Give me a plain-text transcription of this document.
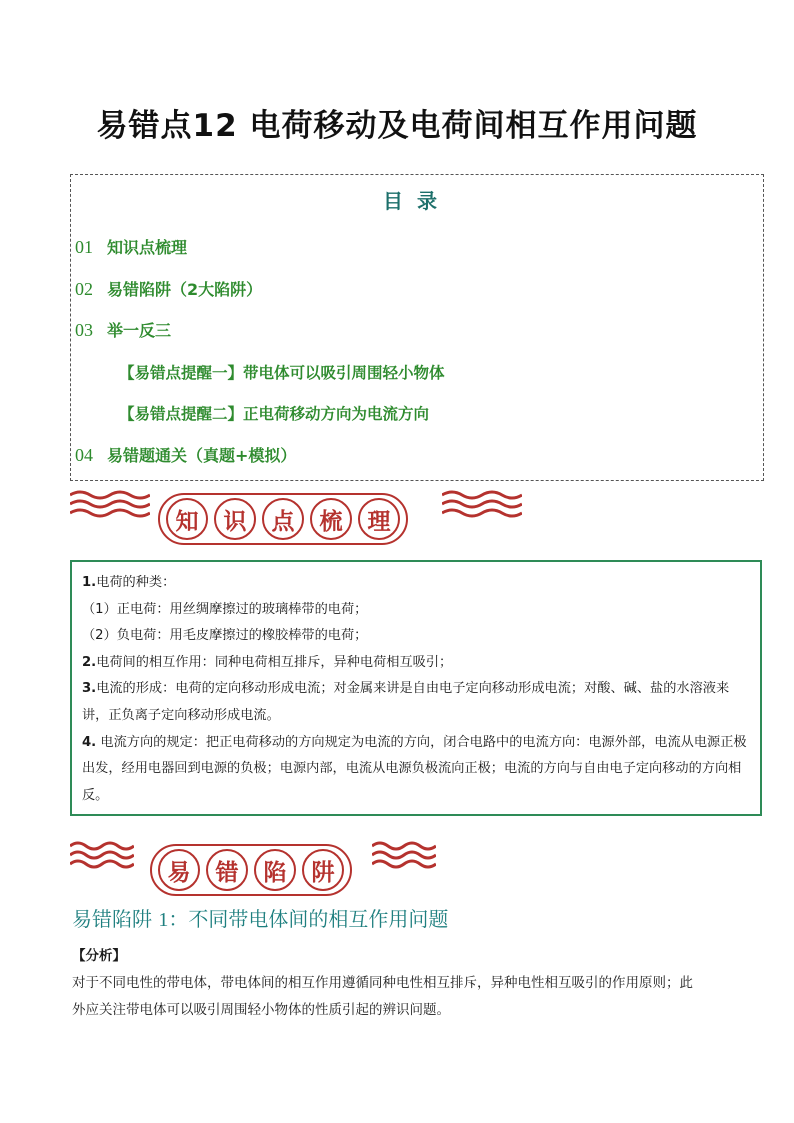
易错点12 电荷移动及电荷间相互作用问题
目录
01 知识点梳理
02 易错陷阱（2大陷阱）
03 举一反三
【易错点提醒一】带电体可以吸引周围轻小物体
【易错点提醒二】正电荷移动方向为电流方向
04 易错题通关（真题+模拟）
知	识	点	梳	理

1.电荷的种类：

（1）正电荷：用丝绸摩擦过的玻璃棒带的电荷；

（2）负电荷：用毛皮摩擦过的橡胶棒带的电荷；

2.电荷间的相互作用：同种电荷相互排斥，异种电荷相互吸引；

3.电流的形成：电荷的定向移动形成电流；对金属来讲是自由电子定向移动形成电流；对酸、碱、盐的水溶液来讲，正负离子定向移动形成电流。

4. 电流方向的规定：把正电荷移动的方向规定为电流的方向，闭合电路中的电流方向：电源外部，电流从电源正极出发，经用电器回到电源的负极；电源内部，电流从电源负极流向正极；电流的方向与自由电子定向移动的方向相反。

易	错	陷	阱
易错陷阱 1：不同带电体间的相互作用问题
【分析】

对于不同电性的带电体，带电体间的相互作用遵循同种电性相互排斥，异种电性相互吸引的作用原则；此

外应关注带电体可以吸引周围轻小物体的性质引起的辨识问题。
